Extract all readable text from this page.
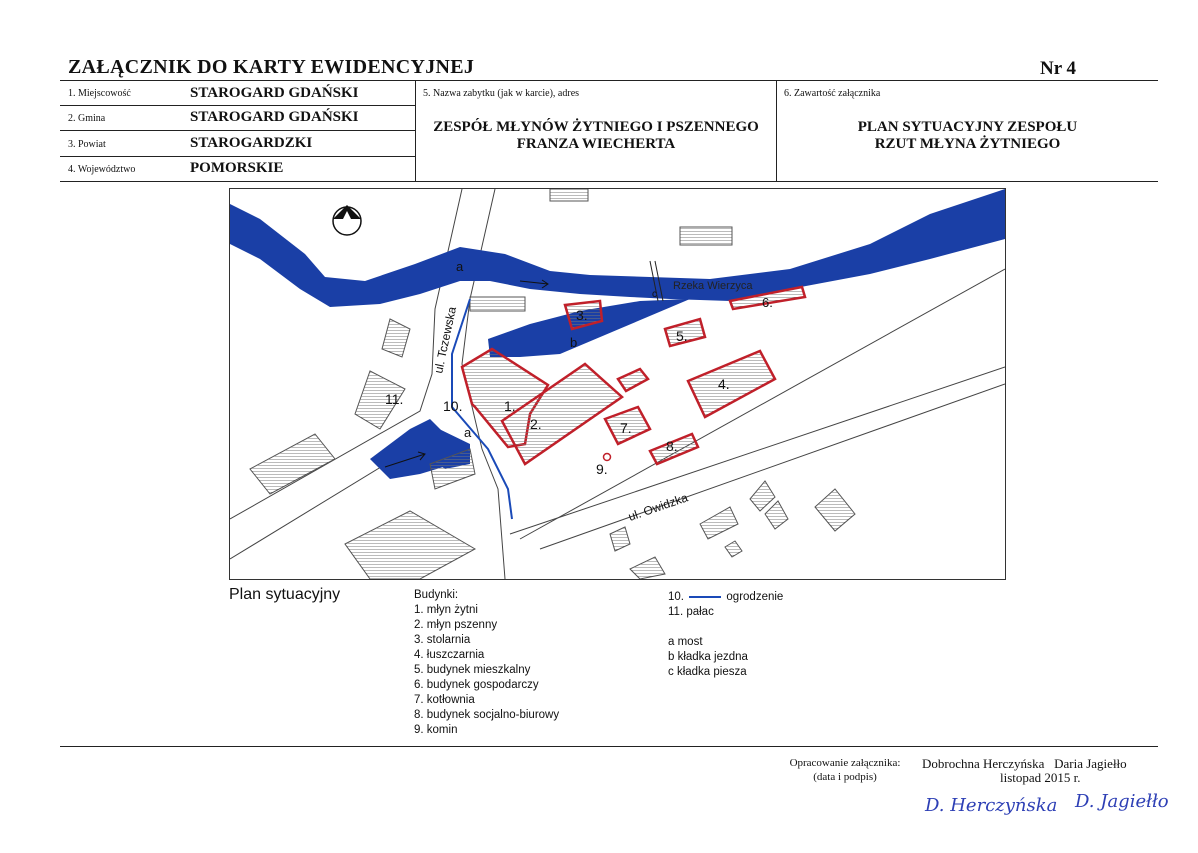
ZAŁĄCZNIK DO KARTY EWIDENCYJNEJ	Nr 4
1. Miejscowość	STAROGARD GDAŃSKI
2. Gmina	STAROGARD GDAŃSKI
3. Powiat	STAROGARDZKI
4. Województwo	POMORSKIE
5. Nazwa zabytku (jak w karcie), adres
ZESPÓŁ MŁYNÓW ŻYTNIEGO I PSZENNEGO
FRANZA WIECHERTA
6. Zawartość załącznika
PLAN SYTUACYJNY ZESPOŁU
RZUT MŁYNA ŻYTNIEGO
1.
2.
3.
4.
5.
6.
7.
8.
9.
10.
11.
a
a
b
c
Rzeka Wierzyca
ul. Tczewska
ul. Owidzka
Plan sytuacyjny	Budynki:
1. młyn żytni
2. młyn pszenny
3. stolarnia
4. łuszczarnia
5. budynek mieszkalny
6. budynek gospodarczy
7. kotłownia
8. budynek socjalno-biurowy
9. komin
10.	ogrodzenie
11. pałac
a most
b kładka jezdna
c kładka piesza
Opracowanie załącznika:
(data i podpis)
Dobrochna Herczyńska   Daria Jagiełło
listopad 2015 r.
D. Herczyńska D. Jagiełło
